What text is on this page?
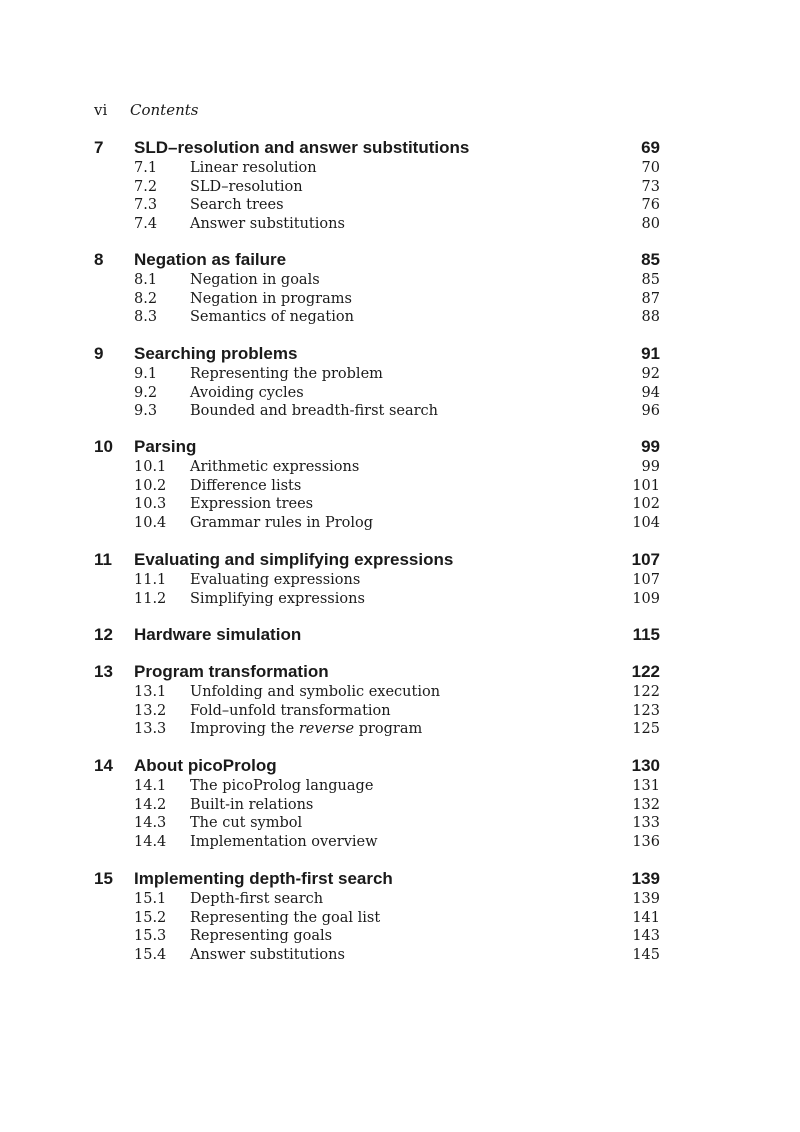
vi Contents
7 SLD–resolution and answer substitutions	69
7.1 Linear resolution	70
7.2 SLD–resolution	73
7.3 Search trees	76
7.4 Answer substitutions	80
8 Negation as failure	85
8.1 Negation in goals	85
8.2 Negation in programs	87
8.3 Semantics of negation	88
9 Searching problems	91
9.1 Representing the problem	92
9.2 Avoiding cycles	94
9.3 Bounded and breadth-first search	96
10 Parsing	99
10.1 Arithmetic expressions	99
10.2 Difference lists	101
10.3 Expression trees	102
10.4 Grammar rules in Prolog	104
11 Evaluating and simplifying expressions	107
11.1 Evaluating expressions	107
11.2 Simplifying expressions	109
12 Hardware simulation	115
13 Program transformation	122
13.1 Unfolding and symbolic execution	122
13.2 Fold–unfold transformation	123
13.3 Improving the reverse program	125
14 About picoProlog	130
14.1 The picoProlog language	131
14.2 Built-in relations	132
14.3 The cut symbol	133
14.4 Implementation overview	136
15 Implementing depth-first search	139
15.1 Depth-first search	139
15.2 Representing the goal list	141
15.3 Representing goals	143
15.4 Answer substitutions	145
